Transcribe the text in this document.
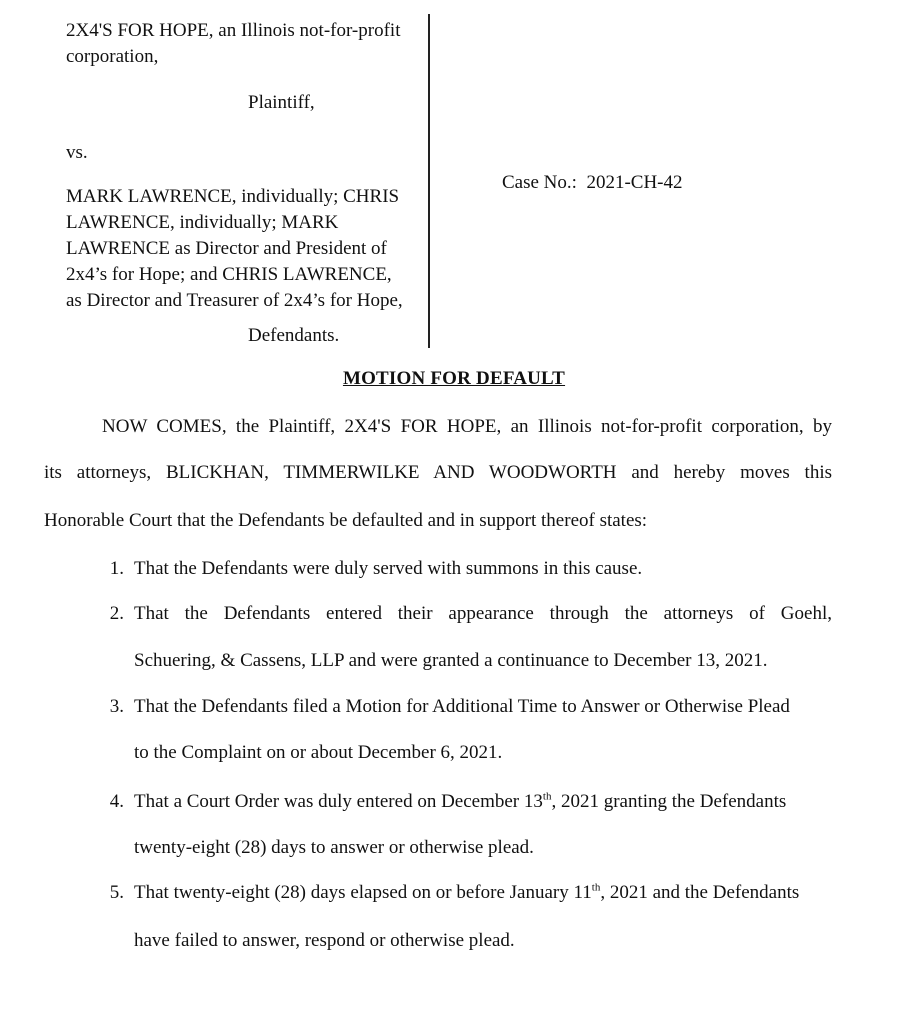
2X4'S FOR HOPE, an Illinois not-for-profit
corporation,
Plaintiff,
vs.
MARK LAWRENCE, individually; CHRIS
LAWRENCE, individually; MARK
LAWRENCE as Director and President of
2x4’s for Hope; and CHRIS LAWRENCE,
as Director and Treasurer of 2x4’s for Hope,
Defendants.
Case No.: 2021-CH-42
MOTION FOR DEFAULT
NOW COMES, the Plaintiff, 2X4'S FOR HOPE, an Illinois not-for-profit corporation, by
its attorneys, BLICKHAN, TIMMERWILKE AND WOODWORTH and hereby moves this
Honorable Court that the Defendants be defaulted and in support thereof states:
1. That the Defendants were duly served with summons in this cause.
2. That the Defendants entered their appearance through the attorneys of Goehl,
Schuering, & Cassens, LLP and were granted a continuance to December 13, 2021.
3. That the Defendants filed a Motion for Additional Time to Answer or Otherwise Plead
to the Complaint on or about December 6, 2021.
4. That a Court Order was duly entered on December 13th, 2021 granting the Defendants
twenty-eight (28) days to answer or otherwise plead.
5. That twenty-eight (28) days elapsed on or before January 11th, 2021 and the Defendants
have failed to answer, respond or otherwise plead.
